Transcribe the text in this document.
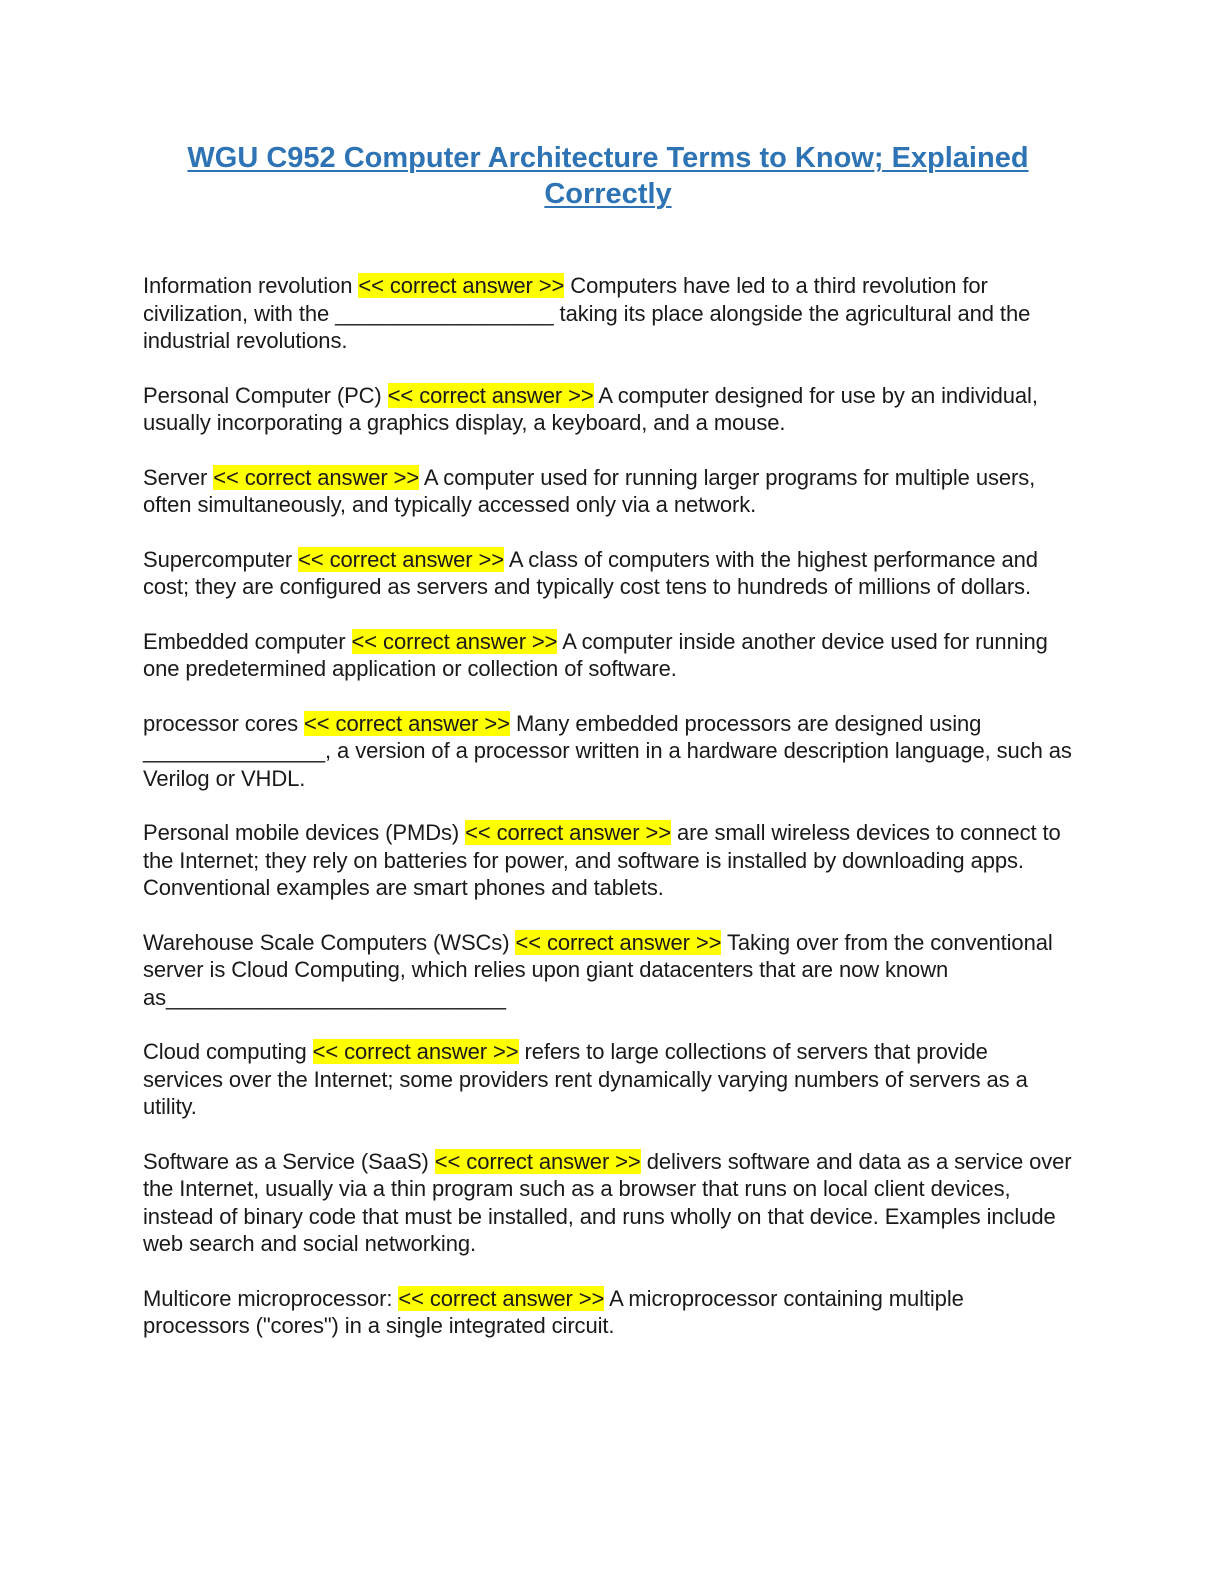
WGU C952 Computer Architecture Terms to Know; Explained Correctly

Information revolution << correct answer >> Computers have led to a third revolution for civilization, with the __________________ taking its place alongside the agricultural and the industrial revolutions.

Personal Computer (PC) << correct answer >> A computer designed for use by an individual, usually incorporating a graphics display, a keyboard, and a mouse.

Server << correct answer >> A computer used for running larger programs for multiple users, often simultaneously, and typically accessed only via a network.

Supercomputer << correct answer >> A class of computers with the highest performance and cost; they are configured as servers and typically cost tens to hundreds of millions of dollars.

Embedded computer << correct answer >> A computer inside another device used for running one predetermined application or collection of software.

processor cores << correct answer >> Many embedded processors are designed using _______________, a version of a processor written in a hardware description language, such as Verilog or VHDL.

Personal mobile devices (PMDs) << correct answer >> are small wireless devices to connect to the Internet; they rely on batteries for power, and software is installed by downloading apps. Conventional examples are smart phones and tablets.

Warehouse Scale Computers (WSCs) << correct answer >> Taking over from the conventional server is Cloud Computing, which relies upon giant datacenters that are now known as____________________________

Cloud computing << correct answer >> refers to large collections of servers that provide services over the Internet; some providers rent dynamically varying numbers of servers as a utility.

Software as a Service (SaaS) << correct answer >> delivers software and data as a service over the Internet, usually via a thin program such as a browser that runs on local client devices, instead of binary code that must be installed, and runs wholly on that device. Examples include web search and social networking.

Multicore microprocessor: << correct answer >> A microprocessor containing multiple processors ("cores") in a single integrated circuit.
